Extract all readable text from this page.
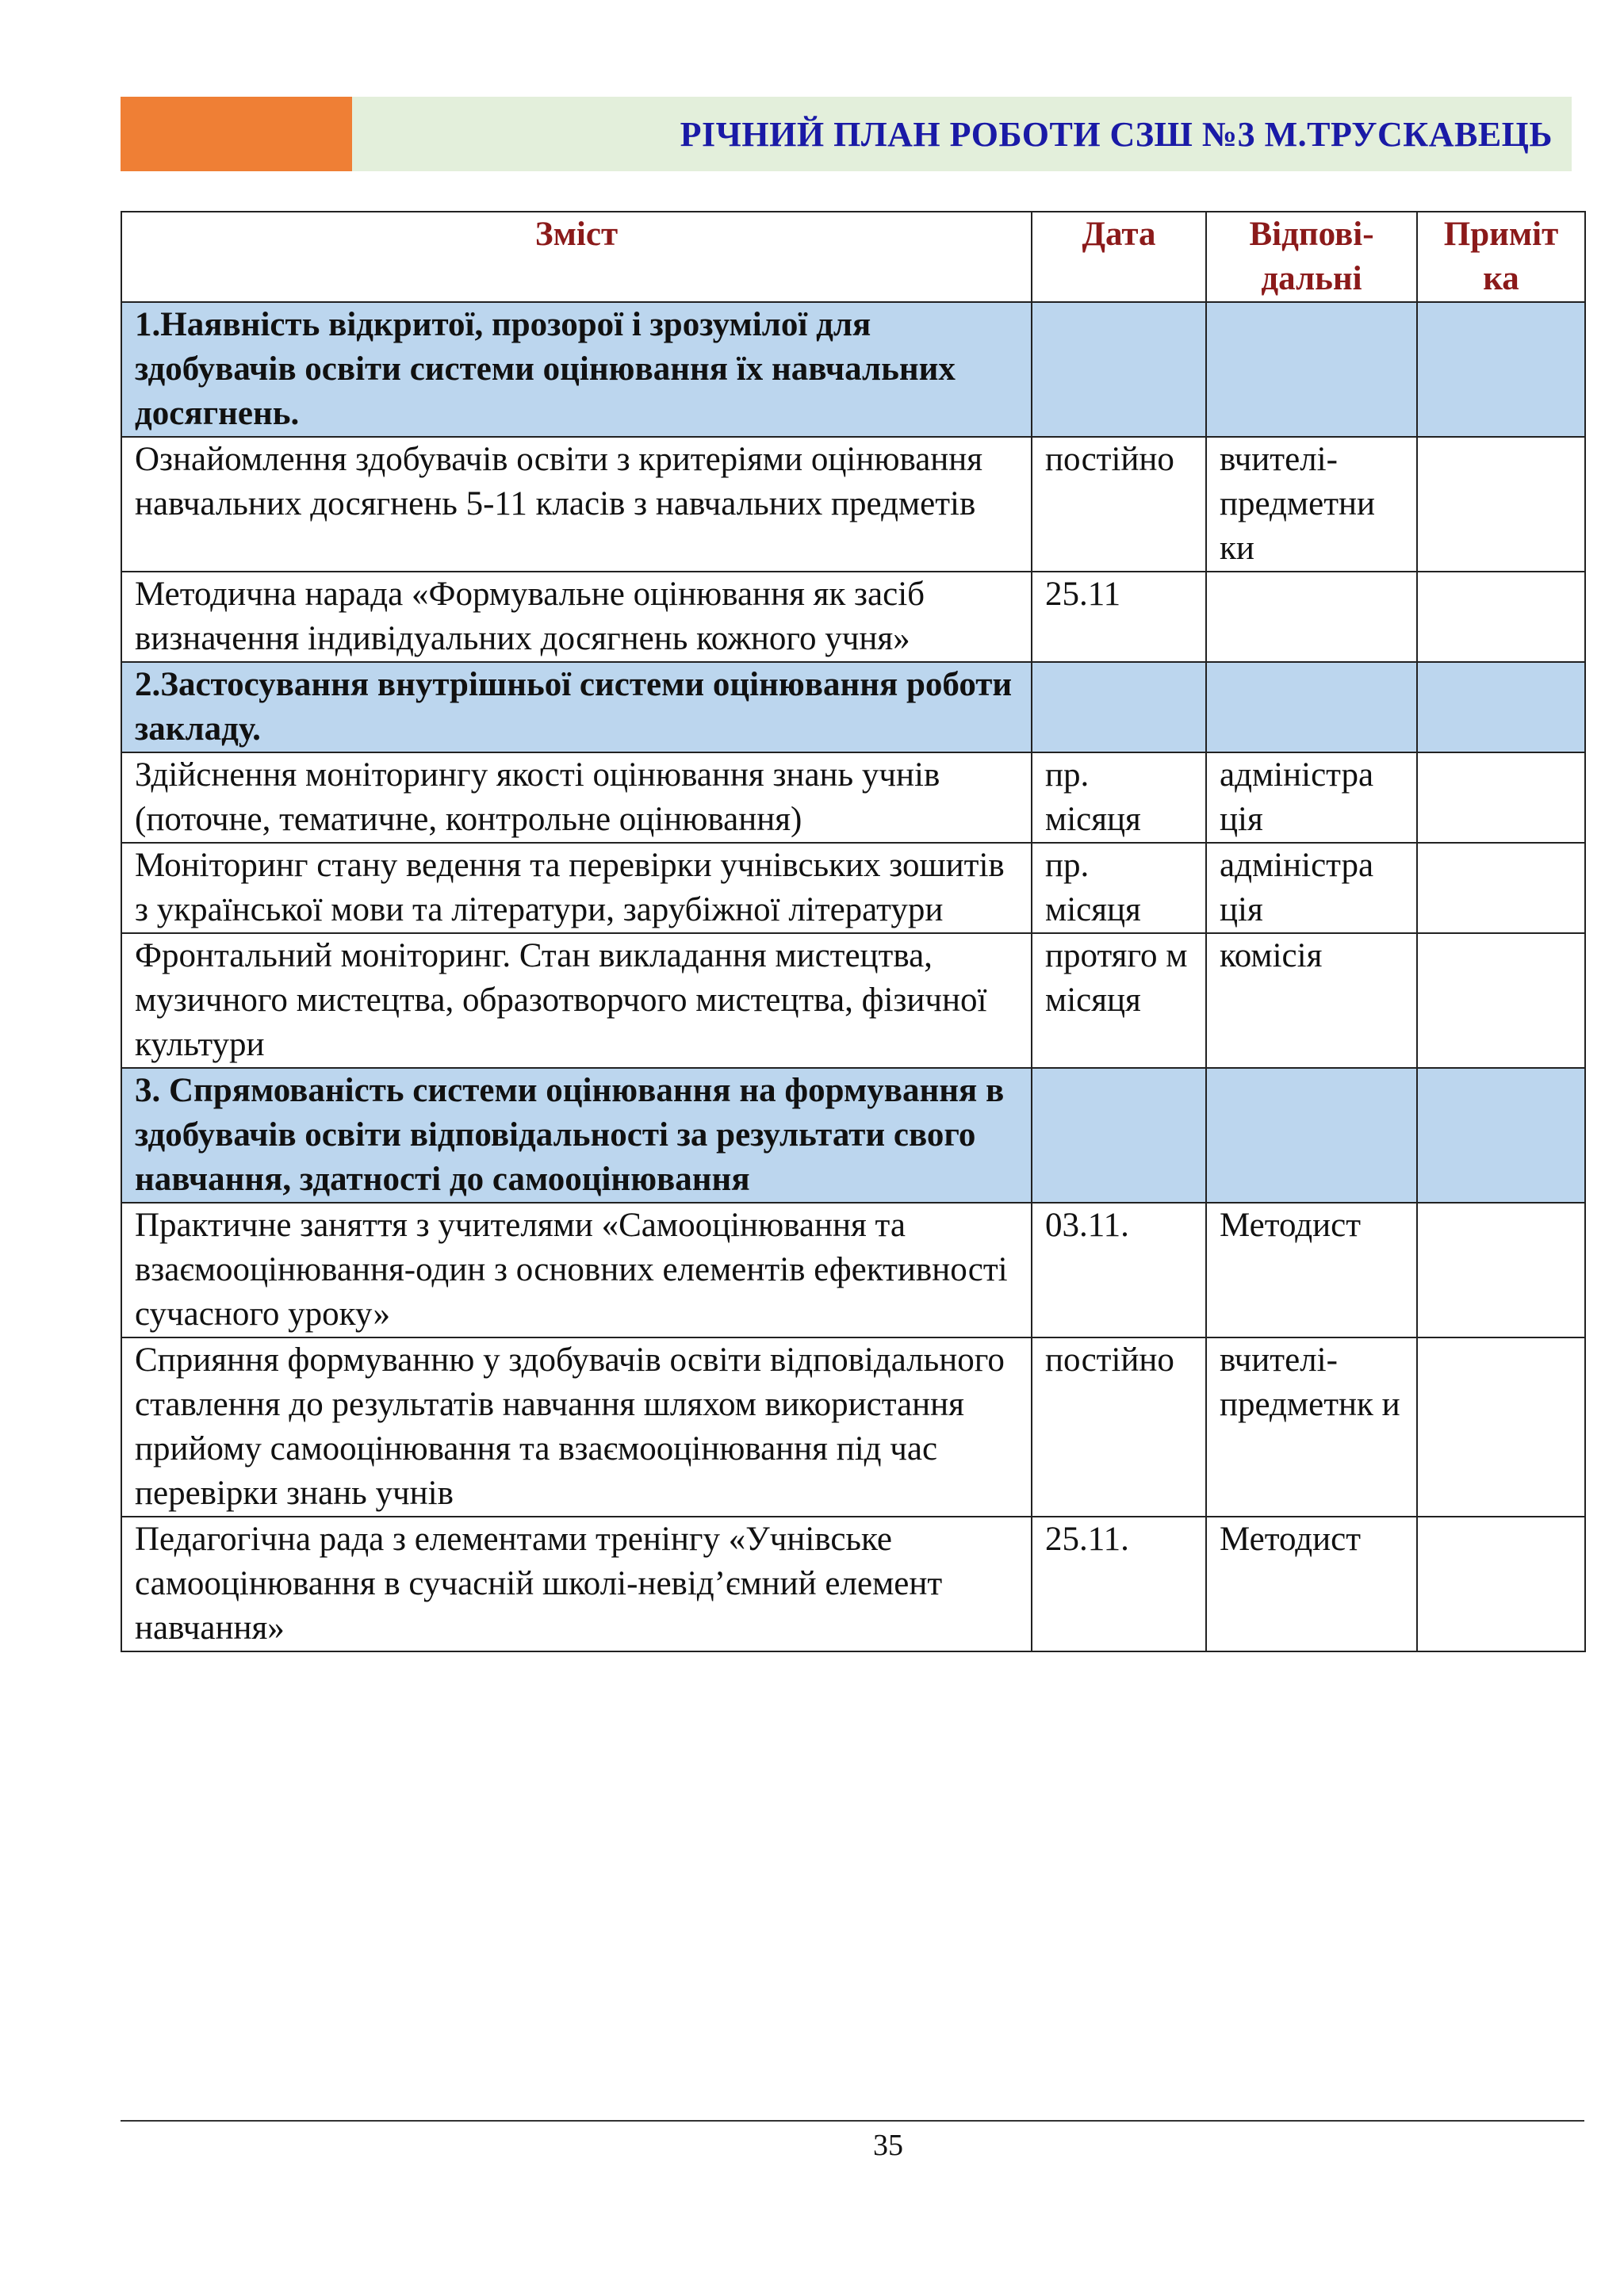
РІЧНИЙ ПЛАН РОБОТИ СЗШ №3 М.ТРУСКАВЕЦЬ
Зміст	Дата	Відпові-дальні	Приміт ка
1.Наявність відкритої, прозорої і зрозумілої для здобувачів освіти системи оцінювання їх навчальних досягнень.			
Ознайомлення здобувачів освіти з критеріями оцінювання навчальних досягнень 5-11 класів з навчальних предметів	постійно	вчителі-предметни ки	
Методична нарада «Формувальне оцінювання як засіб визначення індивідуальних досягнень кожного учня»	25.11		
2.Застосування внутрішньої системи оцінювання роботи закладу.			
Здійснення моніторингу якості оцінювання знань учнів (поточне, тематичне, контрольне оцінювання)	пр. місяця	адміністра ція	
Моніторинг стану ведення та перевірки учнівських зошитів з української мови та літератури, зарубіжної літератури	пр. місяця	адміністра ція	
Фронтальний моніторинг. Стан викладання мистецтва, музичного мистецтва, образотворчого мистецтва, фізичної культури	протяго м місяця	комісія	
3. Спрямованість системи оцінювання на формування в здобувачів освіти відповідальності за результати свого навчання, здатності до самооцінювання			
Практичне заняття з учителями «Самооцінювання та взаємооцінювання-один з основних елементів ефективності сучасного уроку»	03.11.	Методист	
Сприяння формуванню у здобувачів освіти відповідального ставлення до результатів навчання шляхом використання прийому самооцінювання та взаємооцінювання під час перевірки знань учнів	постійно	вчителі-предметнк и	
Педагогічна рада з елементами тренінгу «Учнівське самооцінювання в сучасній школі-невід’ємний елемент навчання»	25.11.	Методист	
35
